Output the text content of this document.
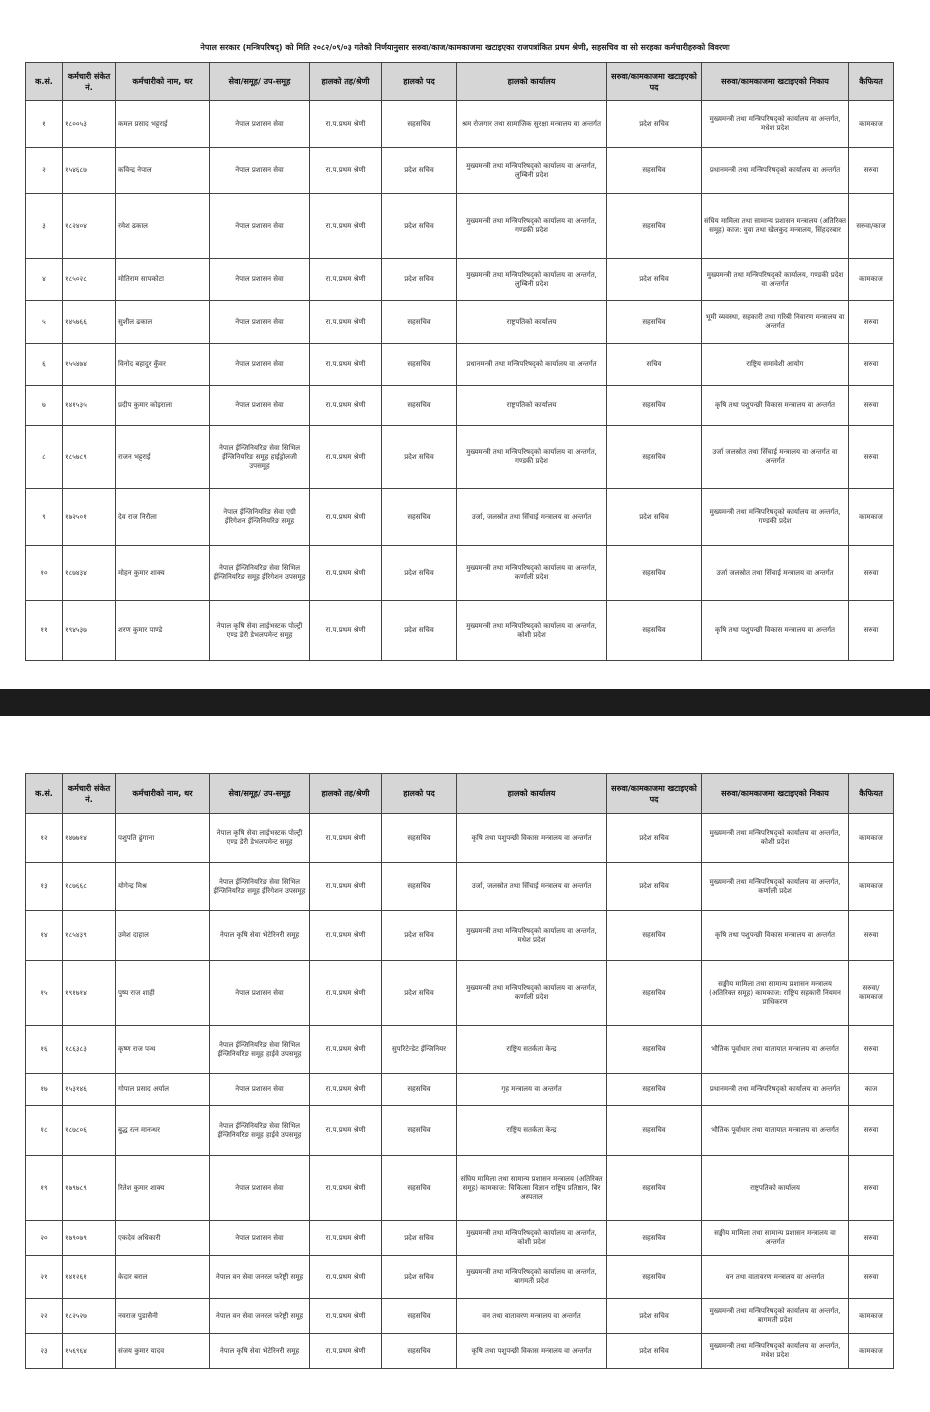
नेपाल सरकार (मन्त्रिपरिषद्) को मिति २०८२/०९/०३ गतेको निर्णयानुसार सरुवा/काज/कामकाजमा खटाइएका राजपत्रांकित प्रथम श्रेणी, सहसचिव वा सो सरहका कर्मचारीहरुको विवरणः
क.सं.	कर्मचारी संकेत नं.	कर्मचारीको नाम, थर	सेवा/समूह/ उप-समूह	हालको तह/श्रेणी	हालको पद	हालको कार्यालय	सरुवा/कामकाजमा खटाइएको पद	सरुवा/कामकाजमा खटाइएको निकाय	कैफियत
१	१८००५३	कमल प्रसाद भट्टराई	नेपाल प्रशासन सेवा	रा.प.प्रथम श्रेणी	सहसचिव	श्रम रोजगार तथा सामाजिक सुरक्षा मन्त्रालय वा अन्तर्गत	प्रदेश सचिव	मुख्यमन्त्री तथा मन्त्रिपरिषद्को कार्यालय वा अन्तर्गत, मधेश प्रदेश	कामकाज
२	१५४६८७	कविन्द्र नेपाल	नेपाल प्रशासन सेवा	रा.प.प्रथम श्रेणी	प्रदेश सचिव	मुख्यमन्त्री तथा मन्त्रिपरिषद्को कार्यालय वा अन्तर्गत, लुम्बिनी प्रदेश	सहसचिव	प्रधानमन्त्री तथा मन्त्रिपरिषद्को कार्यालय वा अन्तर्गत	सरुवा
३	१८२४०४	रमेश ढकाल	नेपाल प्रशासन सेवा	रा.प.प्रथम श्रेणी	प्रदेश सचिव	मुख्यमन्त्री तथा मन्त्रिपरिषद्को कार्यालय वा अन्तर्गत, गण्डकी प्रदेश	सहसचिव	संघिय मामिला तथा सामान्य प्रशासन मन्त्रालय (अतिरिक्त समूह) काज: युवा तथा खेलकुद मन्त्रालय, सिंहदरबार	सरुवा/काज
४	१८५०२८	मोतिराम सापकोटा	नेपाल प्रशासन सेवा	रा.प.प्रथम श्रेणी	प्रदेश सचिव	मुख्यमन्त्री तथा मन्त्रिपरिषद्को कार्यालय वा अन्तर्गत, लुम्बिनी प्रदेश	प्रदेश सचिव	मुख्यमन्त्री तथा मन्त्रिपरिषद्को कार्यालय, गण्डकी प्रदेश वा अन्तर्गत	कामकाज
५	१४५७६६	सुशील ढकाल	नेपाल प्रशासन सेवा	रा.प.प्रथम श्रेणी	सहसचिव	राष्ट्रपतिको कार्यालय	सहसचिव	भूमी व्यवस्था, सहकारी तथा गरिबी निवारण मन्त्रालय वा अन्तर्गत	सरुवा
६	१५५४७४	विनोद बहादुर कुँवर	नेपाल प्रशासन सेवा	रा.प.प्रथम श्रेणी	सहसचिव	प्रधानमन्त्री तथा मन्त्रिपरिषद्को कार्यालय वा अन्तर्गत	सचिव	राष्ट्रिय समावेशी आयोग	सरुवा
७	१४१५३५	प्रदीप कुमार कोइराला	नेपाल प्रशासन सेवा	रा.प.प्रथम श्रेणी	सहसचिव	राष्ट्रपतिको कार्यालय	सहसचिव	कृषि तथा पशुपन्छी विकास मन्त्रालय वा अन्तर्गत	सरुवा
८	१८५७८९	राजन भट्टराई	नेपाल ईन्जिनियरिङ सेवा सिभिल ईन्जिनियरिङ समूह हाईड्रोलजी उपसमूह	रा.प.प्रथम श्रेणी	प्रदेश सचिव	मुख्यमन्त्री तथा मन्त्रिपरिषद्को कार्यालय वा अन्तर्गत, गण्डकी प्रदेश	सहसचिव	उर्जा जलस्रोत तथा सिँचाई मन्त्रालय वा अन्तर्गत वा अन्तर्गत	सरुवा
९	१७२५०१	देव राज निरौला	नेपाल ईन्जिनियरिङ सेवा एग्री ईरिगेशन ईन्जिनियरिङ समूह	रा.प.प्रथम श्रेणी	सहसचिव	उर्जा, जलस्रोत तथा सिँचाई मन्त्रालय वा अन्तर्गत	प्रदेश सचिव	मुख्यमन्त्री तथा मन्त्रिपरिषद्को कार्यालय वा अन्तर्गत, गण्डकी प्रदेश	कामकाज
१०	१८७४३४	मोहन कुमार शाक्य	नेपाल ईन्जिनियरिङ सेवा सिभिल ईन्जिनियरिङ समूह ईरिगेशन उपसमूह	रा.प.प्रथम श्रेणी	प्रदेश सचिव	मुख्यमन्त्री तथा मन्त्रिपरिषद्को कार्यालय वा अन्तर्गत, कर्णाली प्रदेश	सहसचिव	उर्जा जलस्रोत तथा सिँचाई मन्त्रालय वा अन्तर्गत	सरुवा
११	१९४५३७	शरण कुमार पाण्डे	नेपाल कृषि सेवा लाईभस्टक पोल्ट्री एण्ड डेरी डेभलपमेन्ट समूह	रा.प.प्रथम श्रेणी	प्रदेश सचिव	मुख्यमन्त्री तथा मन्त्रिपरिषद्को कार्यालय वा अन्तर्गत, कोशी प्रदेश	सहसचिव	कृषि तथा पशुपन्छी विकास मन्त्रालय वा अन्तर्गत	सरुवा
क.सं.	कर्मचारी संकेत नं.	कर्मचारीको नाम, थर	सेवा/समूह/ उप-समूह	हालको तह/श्रेणी	हालको पद	हालको कार्यालय	सरुवा/कामकाजमा खटाइएको पद	सरुवा/कामकाजमा खटाइएको निकाय	कैफियत
१२	१४७७१४	पशुपति ढुंगाना	नेपाल कृषि सेवा लाईभस्टक पोल्ट्री एण्ड डेरी डेभलपमेन्ट समूह	रा.प.प्रथम श्रेणी	सहसचिव	कृषि तथा पशुपन्छी विकास मन्त्रालय वा अन्तर्गत	प्रदेश सचिव	मुख्यमन्त्री तथा मन्त्रिपरिषद्को कार्यालय वा अन्तर्गत, कोशी प्रदेश	कामकाज
१३	१८७६६८	योगेन्द्र मिश्र	नेपाल ईन्जिनियरिङ सेवा सिभिल ईन्जिनियरिङ समूह ईरिगेशन उपसमूह	रा.प.प्रथम श्रेणी	सहसचिव	उर्जा, जलस्रोत तथा सिँचाई मन्त्रालय वा अन्तर्गत	प्रदेश सचिव	मुख्यमन्त्री तथा मन्त्रिपरिषद्को कार्यालय वा अन्तर्गत, कर्णाली प्रदेश	कामकाज
१४	१८५४३९	उमेश दाहाल	नेपाल कृषि सेवा भेटेरिनरी समूह	रा.प.प्रथम श्रेणी	प्रदेश सचिव	मुख्यमन्त्री तथा मन्त्रिपरिषद्को कार्यालय वा अन्तर्गत, मधेश प्रदेश	सहसचिव	कृषि तथा पशुपन्छी विकास मन्त्रालय वा अन्तर्गत	सरुवा
१५	१९१७१४	पुष्प राज शाही	नेपाल प्रशासन सेवा	रा.प.प्रथम श्रेणी	प्रदेश सचिव	मुख्यमन्त्री तथा मन्त्रिपरिषद्को कार्यालय वा अन्तर्गत, कर्णाली प्रदेश	सहसचिव	सङ्घीय मामिला तथा सामान्य प्रशासन मन्त्रालय (अतिरिक्त समूह) कामकाज: राष्ट्रिय सहकारी नियमन प्राधिकरण	सरुवा/कामकाज
१६	१८६३८३	कृष्ण राज पन्थ	नेपाल ईन्जिनियरिङ सेवा सिभिल ईन्जिनियरिङ समूह हाईवे उपसमूह	रा.प.प्रथम श्रेणी	सुपरिटेन्डेट ईन्जिनियर	राष्ट्रिय सतर्कता केन्द्र	सहसचिव	भौतिक पूर्वाधार तथा यातायात मन्त्रालय वा अन्तर्गत	सरुवा
१७	१५३१४६	गोपाल प्रसाद अर्याल	नेपाल प्रशासन सेवा	रा.प.प्रथम श्रेणी	सहसचिव	गृह मन्त्रालय वा अन्तर्गत	सहसचिव	प्रधानमन्त्री तथा मन्त्रिपरिषद्को कार्यालय वा अन्तर्गत	काज
१८	१८७८०६	बुद्ध रत्न मानन्धर	नेपाल ईन्जिनियरिङ सेवा सिभिल ईन्जिनियरिङ समूह हाईवे उपसमूह	रा.प.प्रथम श्रेणी	सहसचिव	राष्ट्रिय सतर्कता केन्द्र	सहसचिव	भौतिक पूर्वाधार तथा यातायात मन्त्रालय वा अन्तर्गत	सरुवा
१९	१७९७८९	रितेश कुमार शाक्य	नेपाल प्रशासन सेवा	रा.प.प्रथम श्रेणी	सहसचिव	संघिय मामिला तथा सामान्य प्रशासन मन्त्रालय (अतिरिक्त समूह) कामकाज: चिकित्सा विज्ञान राष्ट्रिय प्रतिष्ठान, बिर अस्पताल	सहसचिव	राष्ट्रपतिको कार्यालय	सरुवा
२०	१७९०७९	एकदेव अधिकारी	नेपाल प्रशासन सेवा	रा.प.प्रथम श्रेणी	प्रदेश सचिव	मुख्यमन्त्री तथा मन्त्रिपरिषद्को कार्यालय वा अन्तर्गत, कोशी प्रदेश	सहसचिव	सङ्घीय मामिला तथा सामान्य प्रशासन मन्त्रालय वा अन्तर्गत	सरुवा
२१	१४१२६१	केदार बराल	नेपाल वन सेवा जनरल फरेष्ट्री समूह	रा.प.प्रथम श्रेणी	प्रदेश सचिव	मुख्यमन्त्री तथा मन्त्रिपरिषद्को कार्यालय वा अन्तर्गत, बागमती प्रदेश	सहसचिव	वन तथा वातावरण मन्त्रालय वा अन्तर्गत	सरुवा
२२	१८२५२७	नवराज पुडासैनी	नेपाल वन सेवा जनरल फरेष्ट्री समूह	रा.प.प्रथम श्रेणी	सहसचिव	वन तथा वातावरण मन्त्रालय वा अन्तर्गत	प्रदेश सचिव	मुख्यमन्त्री तथा मन्त्रिपरिषद्को कार्यालय वा अन्तर्गत, बागमती प्रदेश	कामकाज
२३	१५६९६४	संजय कुमार यादव	नेपाल कृषि सेवा भेटेरिनरी समूह	रा.प.प्रथम श्रेणी	सहसचिव	कृषि तथा पशुपन्छी विकास मन्त्रालय वा अन्तर्गत	प्रदेश सचिव	मुख्यमन्त्री तथा मन्त्रिपरिषद्को कार्यालय वा अन्तर्गत, मधेश प्रदेश	कामकाज
